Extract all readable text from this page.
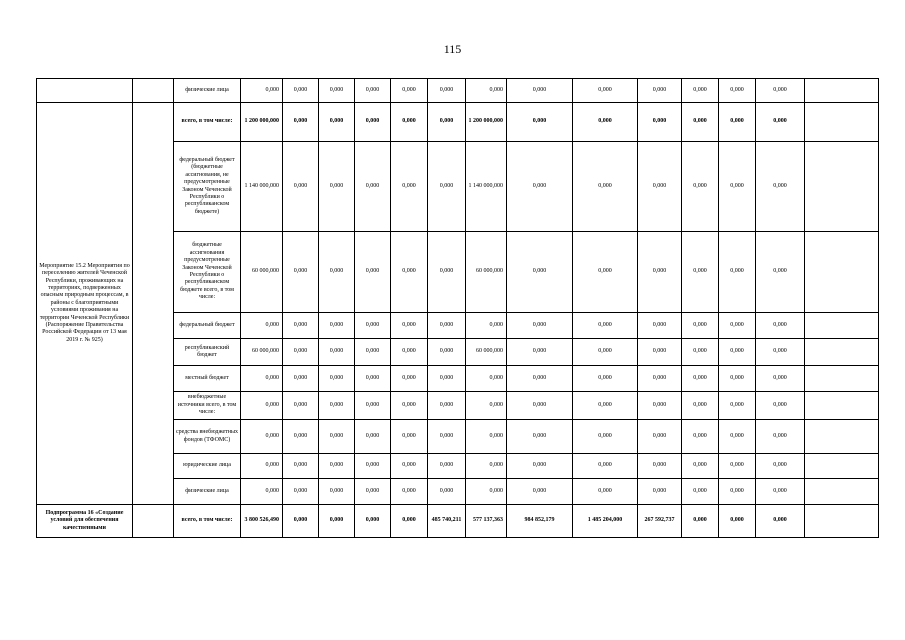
115
		физические лица	0,000	0,000	0,000	0,000	0,000	0,000	0,000	0,000	0,000	0,000	0,000	0,000	0,000	
Мероприятие 15.2 Мероприятия по переселению жителей Чеченской Республики, проживающих на территориях, подверженных опасным природным процессам, в районы с благоприятными условиями проживания на территории Чеченской Республики (Распоряжение Правительства Российской Федерации от 13 мая 2019 г. № 925)		всего, в том числе:	1 200 000,000	0,000	0,000	0,000	0,000	0,000	1 200 000,000	0,000	0,000	0,000	0,000	0,000	0,000	
		федеральный бюджет (бюджетные ассигнования, не предусмотренные Законом Чеченской Республики о республиканском бюджете)	1 140 000,000	0,000	0,000	0,000	0,000	0,000	1 140 000,000	0,000	0,000	0,000	0,000	0,000	0,000	
		бюджетные ассигнования предусмотренные Законом Чеченской Республики о республиканском бюджете всего, в том числе:	60 000,000	0,000	0,000	0,000	0,000	0,000	60 000,000	0,000	0,000	0,000	0,000	0,000	0,000	
		федеральный бюджет	0,000	0,000	0,000	0,000	0,000	0,000	0,000	0,000	0,000	0,000	0,000	0,000	0,000	
		республиканский бюджет	60 000,000	0,000	0,000	0,000	0,000	0,000	60 000,000	0,000	0,000	0,000	0,000	0,000	0,000	
		местный бюджет	0,000	0,000	0,000	0,000	0,000	0,000	0,000	0,000	0,000	0,000	0,000	0,000	0,000	
		внебюджетные источники всего, в том числе:	0,000	0,000	0,000	0,000	0,000	0,000	0,000	0,000	0,000	0,000	0,000	0,000	0,000	
		средства внебюджетных фондов (ТФОМС)	0,000	0,000	0,000	0,000	0,000	0,000	0,000	0,000	0,000	0,000	0,000	0,000	0,000	
		юридические лица	0,000	0,000	0,000	0,000	0,000	0,000	0,000	0,000	0,000	0,000	0,000	0,000	0,000	
		физические лица	0,000	0,000	0,000	0,000	0,000	0,000	0,000	0,000	0,000	0,000	0,000	0,000	0,000	
Подпрограмма 16 «Создание условий для обеспечения качественными		всего, в том числе:	3 800 526,490	0,000	0,000	0,000	0,000	485 740,211	577 137,363	984 852,179	1 485 204,000	267 592,737	0,000	0,000	0,000	
